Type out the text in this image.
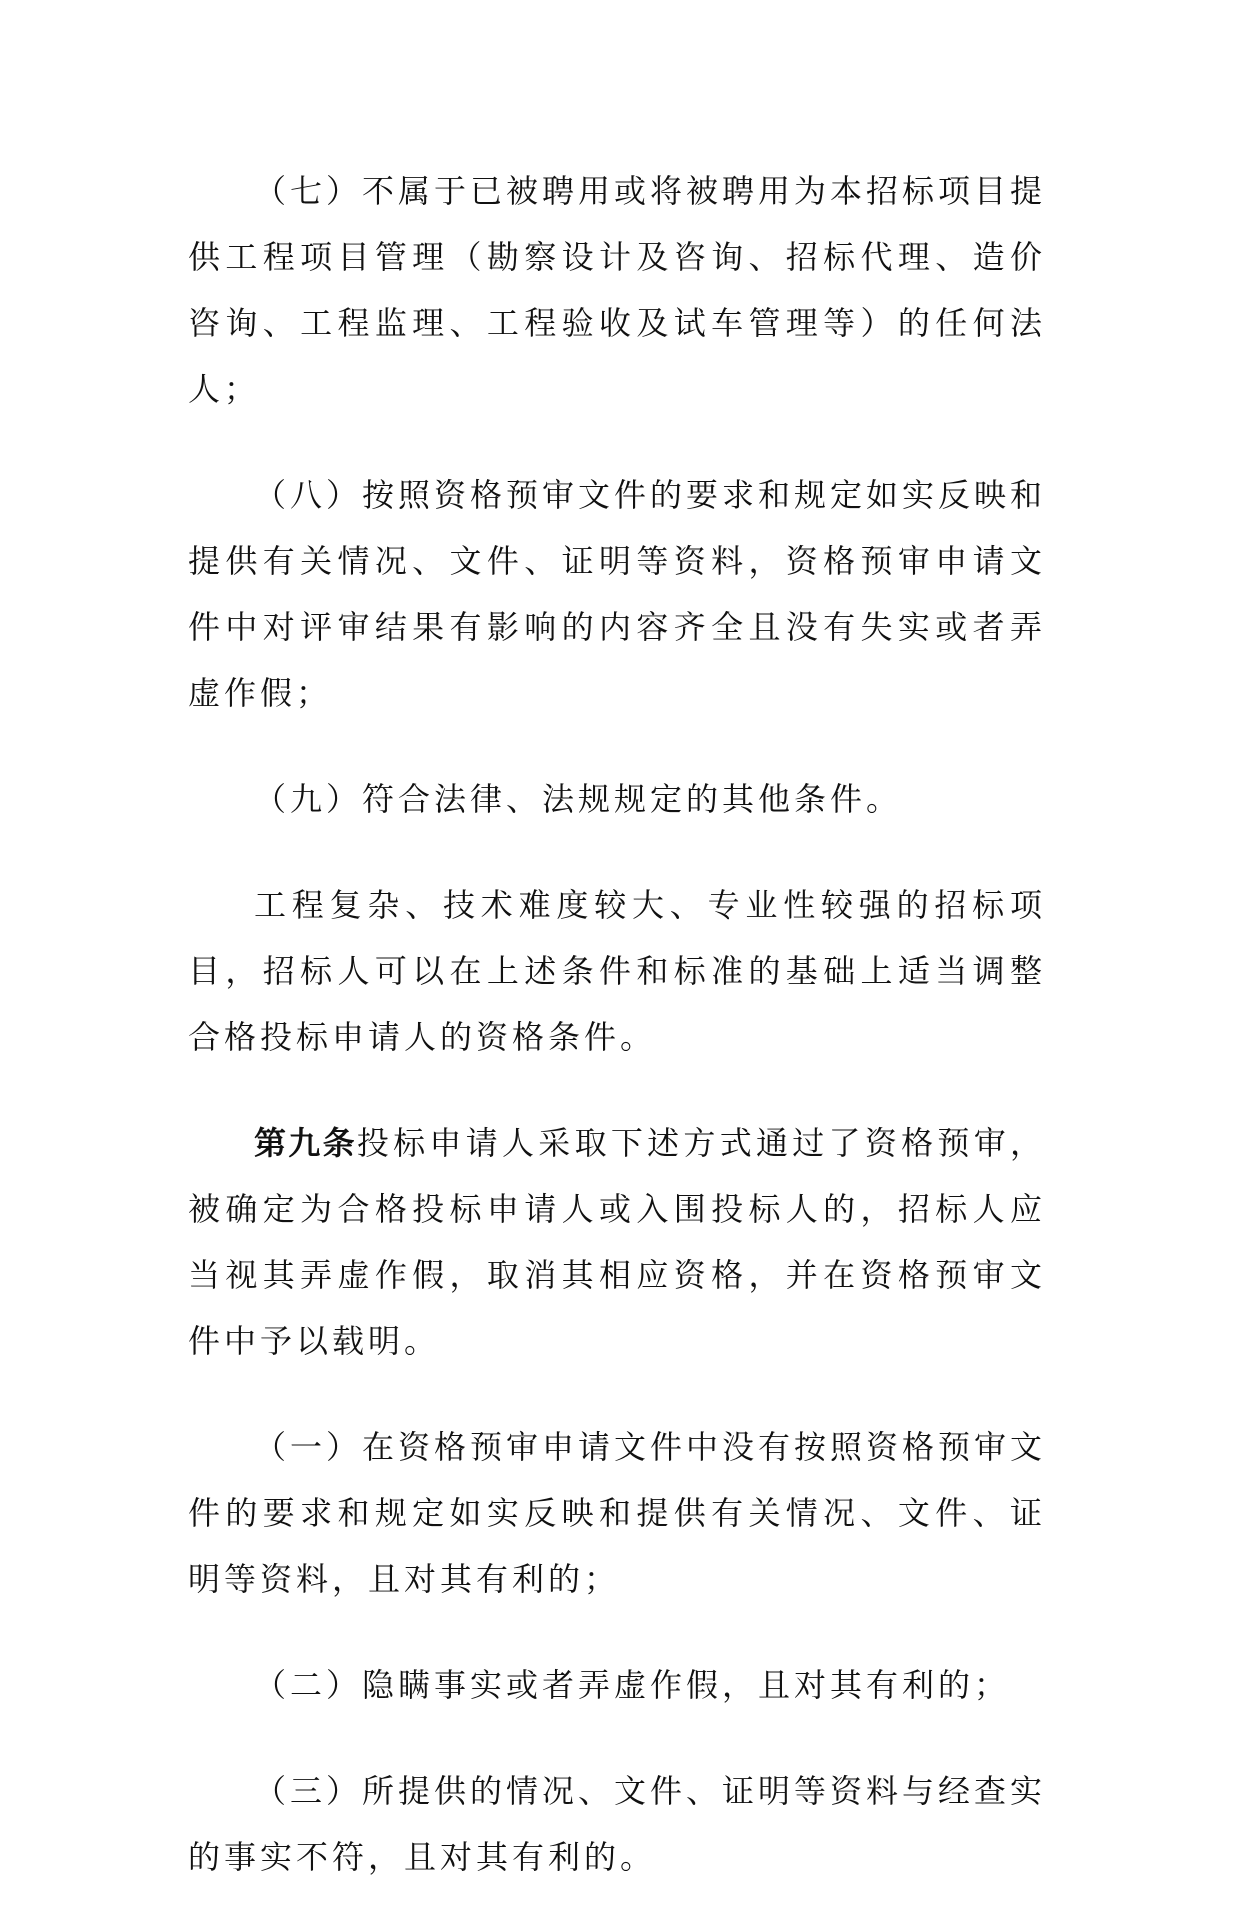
（七）不属于已被聘用或将被聘用为本招标项目提供工程项目管理（勘察设计及咨询、招标代理、造价咨询、工程监理、工程验收及试车管理等）的任何法人；

（八）按照资格预审文件的要求和规定如实反映和提供有关情况、文件、证明等资料，资格预审申请文件中对评审结果有影响的内容齐全且没有失实或者弄虚作假；

（九）符合法律、法规规定的其他条件。

工程复杂、技术难度较大、专业性较强的招标项目，招标人可以在上述条件和标准的基础上适当调整合格投标申请人的资格条件。

第九条投标申请人采取下述方式通过了资格预审，被确定为合格投标申请人或入围投标人的，招标人应当视其弄虚作假，取消其相应资格，并在资格预审文件中予以载明。

（一）在资格预审申请文件中没有按照资格预审文件的要求和规定如实反映和提供有关情况、文件、证明等资料，且对其有利的；

（二）隐瞒事实或者弄虚作假，且对其有利的；

（三）所提供的情况、文件、证明等资料与经查实的事实不符，且对其有利的。
